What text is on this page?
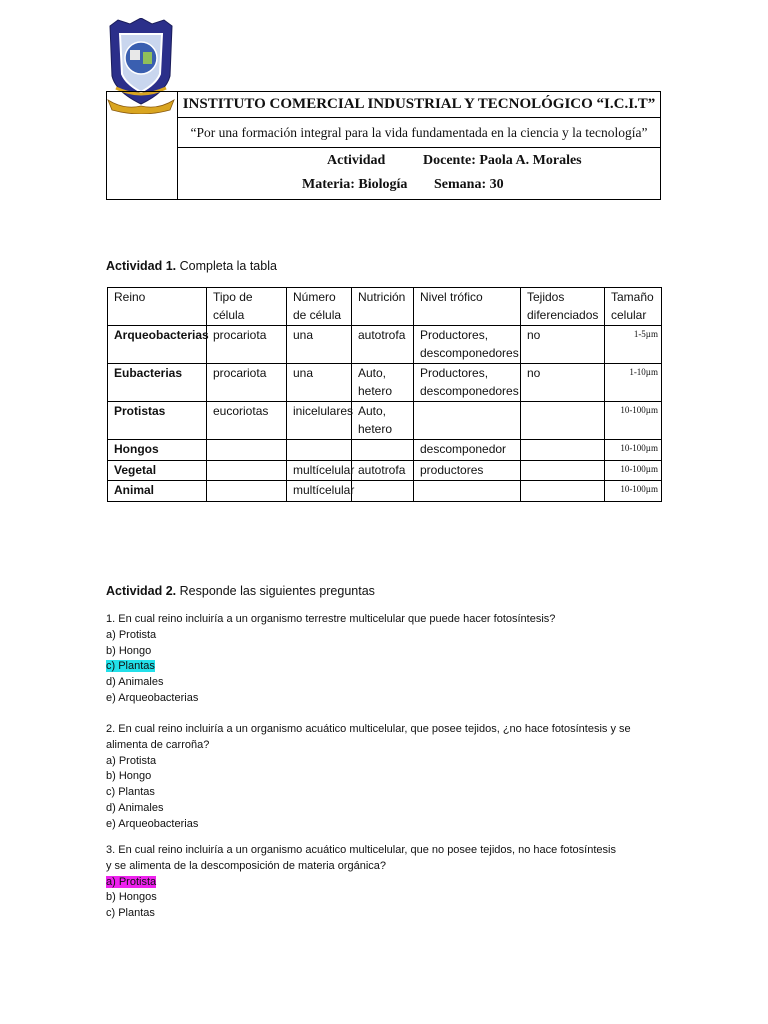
INSTITUTO COMERCIAL INDUSTRIAL Y TECNOLÓGICO “I.C.I.T”
“Por una formación integral para la vida fundamentada en la ciencia y la tecnología”
Actividad	Docente: Paola A. Morales
Materia: Biología Semana: 30
Actividad 1. Completa la tabla
Reino	Tipo de célula	Número de célula	Nutrición	Nivel trófico	Tejidos diferenciados	Tamaño celular
Arqueobacterias	procariota	una	autotrofa	Productores, descomponedores	no	1-5µm
Eubacterias	procariota	una	Auto, hetero	Productores, descomponedores	no	1-10µm
Protistas	eucoriotas	inicelulares	Auto, hetero			10-100µm
Hongos				descomponedor		10-100µm
Vegetal		multícelular	autotrofa	productores		10-100µm
Animal		multícelular				10-100µm
Actividad 2. Responde las siguientes preguntas
1. En cual reino incluiría a un organismo terrestre multicelular que puede hacer fotosíntesis?
a) Protista
b) Hongo
c) Plantas
d) Animales
e) Arqueobacterias
2. En cual reino incluiría a un organismo acuático multicelular, que posee tejidos, ¿no hace fotosíntesis y se
alimenta de carroña?
a) Protista
b) Hongo
c) Plantas
d) Animales
e) Arqueobacterias
3. En cual reino incluiría a un organismo acuático multicelular, que no posee tejidos, no hace fotosíntesis
y se alimenta de la descomposición de materia orgánica?
a) Protista
b) Hongos
c) Plantas
